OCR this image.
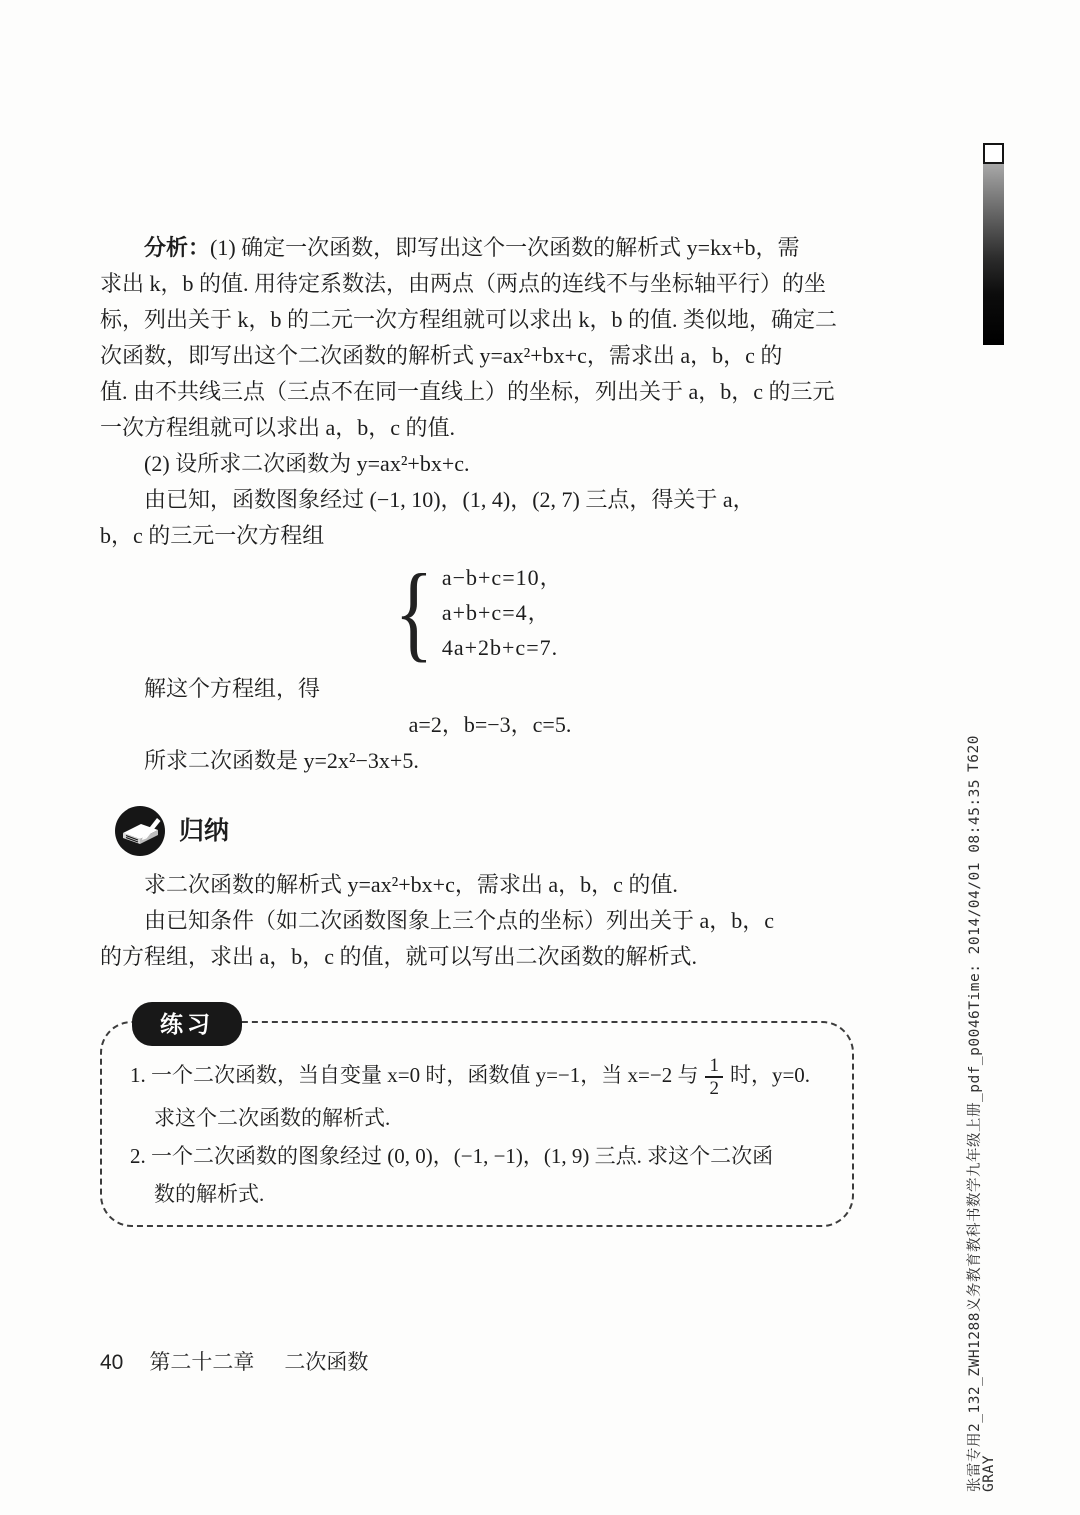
分析：(1) 确定一次函数，即写出这个一次函数的解析式 y=kx+b，需

求出 k，b 的值. 用待定系数法，由两点（两点的连线不与坐标轴平行）的坐

标，列出关于 k，b 的二元一次方程组就可以求出 k，b 的值. 类似地，确定二

次函数，即写出这个二次函数的解析式 y=ax²+bx+c，需求出 a，b，c 的

值. 由不共线三点（三点不在同一直线上）的坐标，列出关于 a，b，c 的三元

一次方程组就可以求出 a，b，c 的值.

(2) 设所求二次函数为 y=ax²+bx+c.

由已知，函数图象经过 (−1, 10)，(1, 4)，(2, 7) 三点，得关于 a，

b，c 的三元一次方程组

{ a−b+c=10，
a+b+c=4，
4a+2b+c=7.

解这个方程组，得

a=2，b=−3，c=5.

所求二次函数是 y=2x²−3x+5.

归纳

求二次函数的解析式 y=ax²+bx+c，需求出 a，b，c 的值.

由已知条件（如二次函数图象上三个点的坐标）列出关于 a，b，c

的方程组，求出 a，b，c 的值，就可以写出二次函数的解析式.

练习
1. 一个二次函数，当自变量 x=0 时，函数值 y=−1，当 x=−2 与 $\frac{1}{2}$ 时，y=0.

求这个二次函数的解析式.

2. 一个二次函数的图象经过 (0, 0)，(−1, −1)，(1, 9) 三点. 求这个二次函

数的解析式.

40 第二十二章 二次函数	张雷专用2_132_ZWH1288义务教育教科书数学九年级上册_pdf_p0046Time: 2014/04/01 08:45:35
GRAY
T620
